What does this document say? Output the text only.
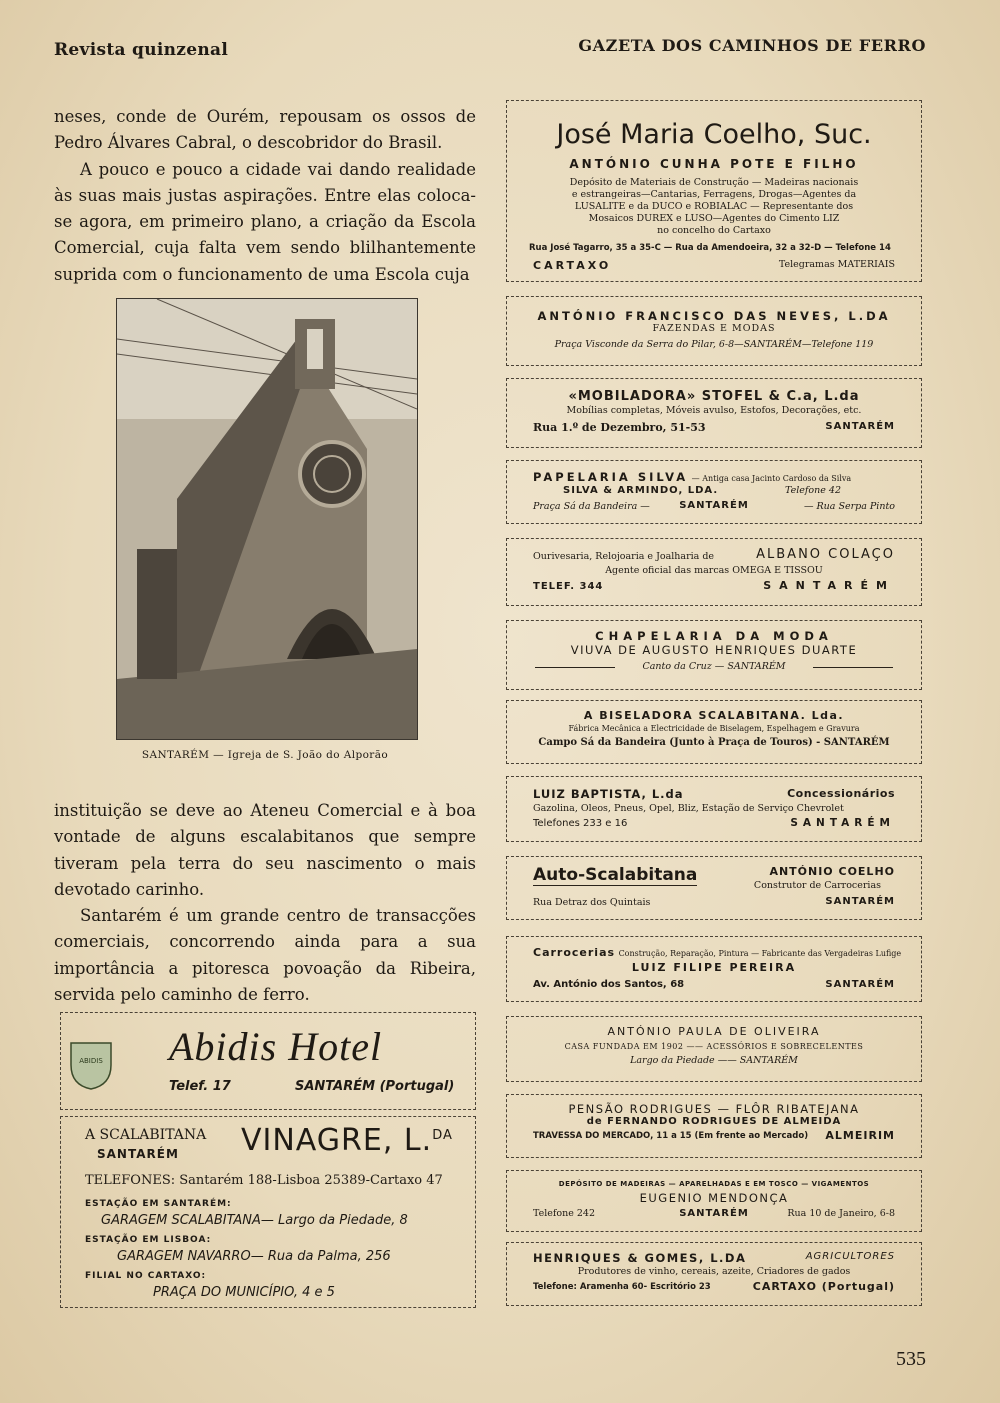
Revista quinzenal	GAZETA DOS CAMINHOS DE FERRO

neses, conde de Ourém, repousam os ossos de Pedro Álvares Cabral, o descobridor do Brasil.

A pouco e pouco a cidade vai dando realidade às suas mais justas aspirações. Entre elas coloca-se agora, em primeiro plano, a criação da Escola Comercial, cuja falta vem sendo blilhantemente suprida com o funcionamento de uma Escola cuja

SANTARÉM — Igreja de S. João do Alporão

instituição se deve ao Ateneu Comercial e à boa vontade de alguns escalabitanos que sempre tiveram pela terra do seu nascimento o mais devotado carinho.

Santarém é um grande centro de transacções comerciais, concorrendo ainda para a sua importância a pitoresca povoação da Ribeira, servida pelo caminho de ferro.

ABIDIS Abidis Hotel
Telef. 17	SANTARÉM (Portugal)
A SCALABITANA
SANTARÉM VINAGRE, L.$^{DA}$
TELEFONES: Santarém 188-Lisboa 25389-Cartaxo 47
ESTAÇÃO EM SANTARÉM:
GARAGEM SCALABITANA— Largo da Piedade, 8
ESTAÇÃO EM LISBOA:
GARAGEM NAVARRO— Rua da Palma, 256
FILIAL NO CARTAXO:
PRAÇA DO MUNICÍPIO, 4 e 5
José Maria Coelho, Suc.
ANTÓNIO CUNHA POTE E FILHO
Depósito de Materiais de Construção — Madeiras nacionais
e estrangeiras—Cantarias, Ferragens, Drogas—Agentes da
LUSALITE e da DUCO e ROBIALAC — Representante dos
Mosaicos DUREX e LUSO—Agentes do Cimento LIZ
no concelho do Cartaxo
Rua José Tagarro, 35 a 35-C — Rua da Amendoeira, 32 a 32-D — Telefone 14
CARTAXO	Telegramas MATERIAIS
ANTÓNIO FRANCISCO DAS NEVES, L.DA
FAZENDAS E MODAS
Praça Visconde da Serra do Pilar, 6-8—SANTARÉM—Telefone 119
«MOBILADORA» STOFEL & C.a, L.da
Mobílias completas, Móveis avulso, Estofos, Decorações, etc.
Rua 1.º de Dezembro, 51-53	SANTARÉM
PAPELARIA SILVA — Antiga casa Jacinto Cardoso da Silva
SILVA & ARMINDO, LDA.	Telefone 42
Praça Sá da Bandeira —	SANTARÉM	— Rua Serpa Pinto
Ourivesaria, Relojoaria e Joalharia de	ALBANO COLAÇO
Agente oficial das marcas OMEGA E TISSOU
TELEF. 344	SANTARÉM
CHAPELARIA DA MODA
VIUVA DE AUGUSTO HENRIQUES DUARTE
Canto da Cruz — SANTARÉM
A BISELADORA SCALABITANA. Lda.
Fábrica Mecânica a Electricidade de Biselagem, Espelhagem e Gravura
Campo Sá da Bandeira (Junto à Praça de Touros) - SANTARÉM
LUIZ BAPTISTA, L.da	Concessionários
Gazolina, Oleos, Pneus, Opel, Bliz, Estação de Serviço Chevrolet
Telefones 233 e 16	SANTARÉM
Auto-Scalabitana	ANTÓNIO COELHO
Construtor de Carrocerias
Rua Detraz dos Quintais	SANTARÉM
Carrocerias Construção, Reparação, Pintura — Fabricante das Vergadeiras Lufige
LUIZ FILIPE PEREIRA
Av. António dos Santos, 68	SANTARÉM
ANTÓNIO PAULA DE OLIVEIRA
CASA FUNDADA EM 1902 —— ACESSÓRIOS E SOBRECELENTES
Largo da Piedade —— SANTARÉM
PENSÃO RODRIGUES — FLÔR RIBATEJANA
de FERNANDO RODRIGUES DE ALMEIDA
TRAVESSA DO MERCADO, 11 a 15 (Em frente ao Mercado)	ALMEIRIM
DEPÓSITO DE MADEIRAS — APARELHADAS E EM TOSCO — VIGAMENTOS
EUGENIO MENDONÇA
Telefone 242	SANTARÉM	Rua 10 de Janeiro, 6-8
HENRIQUES & GOMES, L.DA	AGRICULTORES
Produtores de vinho, cereais, azeite, Criadores de gados
Telefone: Aramenha 60- Escritório 23	CARTAXO (Portugal)
535
